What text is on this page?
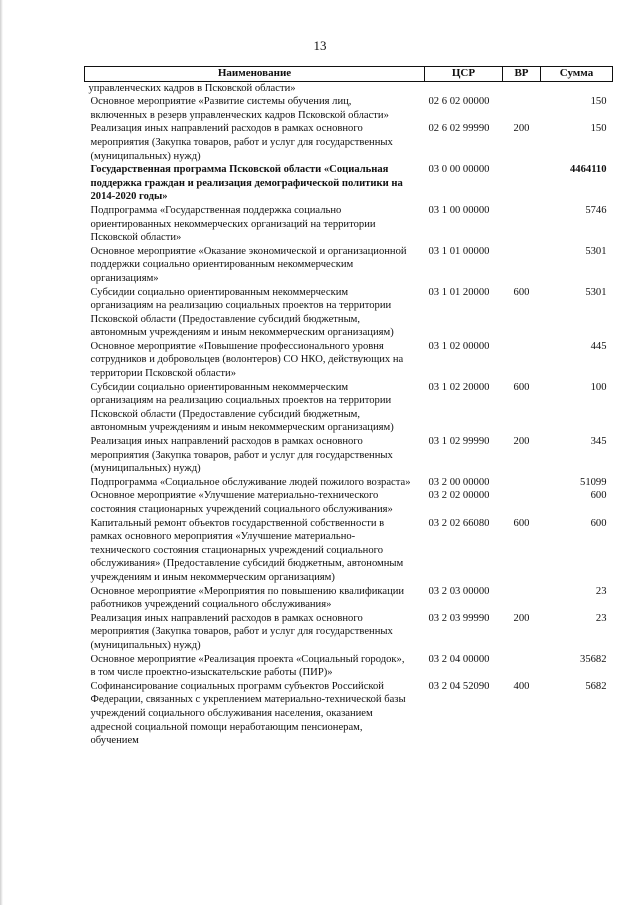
13
Наименование	ЦСР	ВР	Сумма
управленческих кадров в Псковской области»			
Основное мероприятие «Развитие системы обучения лиц, включенных в резерв управленческих кадров Псковской области»	02 6 02 00000		150
Реализация иных направлений расходов в рамках основного мероприятия (Закупка товаров, работ и услуг для государственных (муниципальных) нужд)	02 6 02 99990	200	150
Государственная программа Псковской области «Социальная поддержка граждан и реализация демографической политики на 2014-2020 годы»	03 0 00 00000		4464110
Подпрограмма «Государственная поддержка социально ориентированных некоммерческих организаций на территории Псковской области»	03 1 00 00000		5746
Основное мероприятие «Оказание экономической и организационной поддержки социально ориентированным некоммерческим организациям»	03 1 01 00000		5301
Субсидии социально ориентированным некоммерческим организациям на реализацию социальных проектов на территории Псковской области (Предоставление субсидий бюджетным, автономным учреждениям и иным некоммерческим организациям)	03 1 01 20000	600	5301
Основное мероприятие «Повышение профессионального уровня сотрудников и добровольцев (волонтеров) СО НКО, действующих на территории Псковской области»	03 1 02 00000		445
Субсидии социально ориентированным некоммерческим организациям на реализацию социальных проектов на территории Псковской области (Предоставление субсидий бюджетным, автономным учреждениям и иным некоммерческим организациям)	03 1 02 20000	600	100
Реализация иных направлений расходов в рамках основного мероприятия (Закупка товаров, работ и услуг для государственных (муниципальных) нужд)	03 1 02 99990	200	345
Подпрограмма «Социальное обслуживание людей пожилого возраста»	03 2 00 00000		51099
Основное мероприятие «Улучшение материально-технического состояния стационарных учреждений социального обслуживания»	03 2 02 00000		600
Капитальный ремонт объектов государственной собственности в рамках основного мероприятия «Улучшение материально-технического состояния стационарных учреждений социального обслуживания» (Предоставление субсидий бюджетным, автономным учреждениям и иным некоммерческим организациям)	03 2 02 66080	600	600
Основное мероприятие «Мероприятия по повышению квалификации работников учреждений социального обслуживания»	03 2 03 00000		23
Реализация иных направлений расходов в рамках основного мероприятия (Закупка товаров, работ и услуг для государственных (муниципальных) нужд)	03 2 03 99990	200	23
Основное мероприятие «Реализация проекта «Социальный городок», в том числе проектно-изыскательские работы (ПИР)»	03 2 04 00000		35682
Софинансирование социальных программ субъектов Российской Федерации, связанных с укреплением материально-технической базы учреждений социального обслуживания населения, оказанием адресной социальной помощи неработающим пенсионерам, обучением	03 2 04 52090	400	5682
